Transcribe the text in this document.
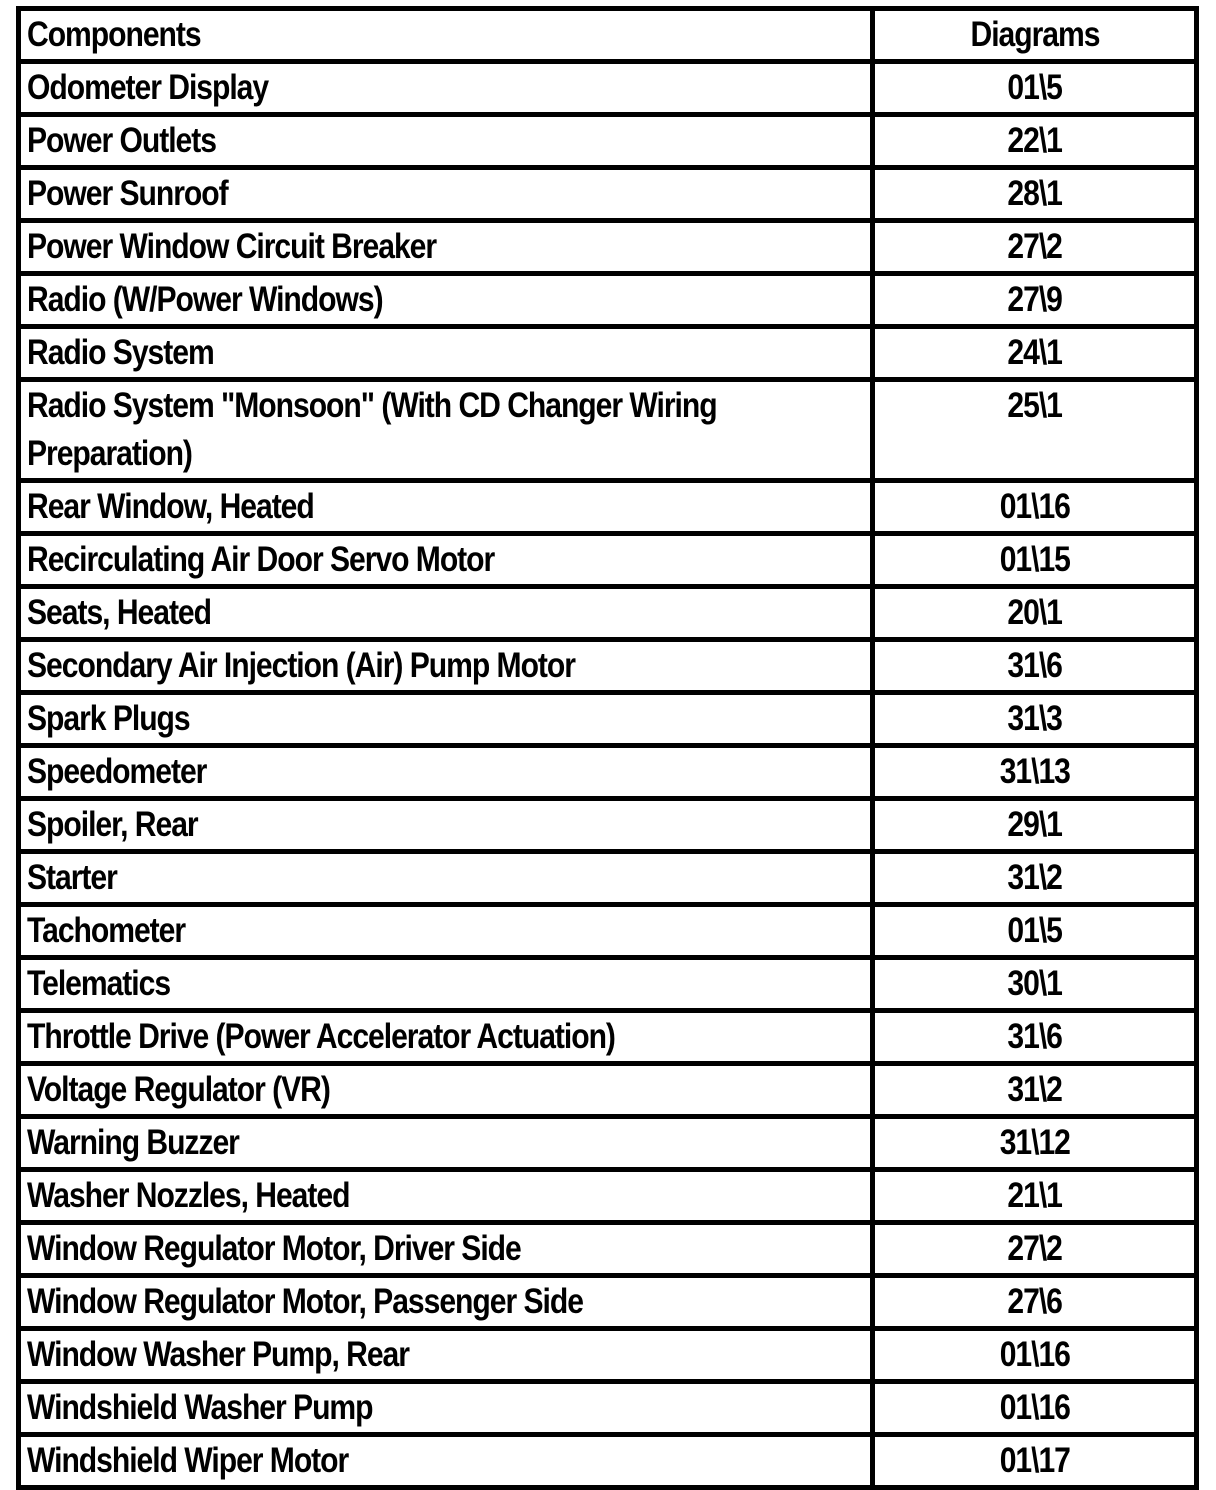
Components	Diagrams
Odometer Display	01\5
Power Outlets	22\1
Power Sunroof	28\1
Power Window Circuit Breaker	27\2
Radio (W/Power Windows)	27\9
Radio System	24\1
Radio System "Monsoon" (With CD Changer Wiring Preparation)	25\1
Rear Window, Heated	01\16
Recirculating Air Door Servo Motor	01\15
Seats, Heated	20\1
Secondary Air Injection (Air) Pump Motor	31\6
Spark Plugs	31\3
Speedometer	31\13
Spoiler, Rear	29\1
Starter	31\2
Tachometer	01\5
Telematics	30\1
Throttle Drive (Power Accelerator Actuation)	31\6
Voltage Regulator (VR)	31\2
Warning Buzzer	31\12
Washer Nozzles, Heated	21\1
Window Regulator Motor, Driver Side	27\2
Window Regulator Motor, Passenger Side	27\6
Window Washer Pump, Rear	01\16
Windshield Washer Pump	01\16
Windshield Wiper Motor	01\17
